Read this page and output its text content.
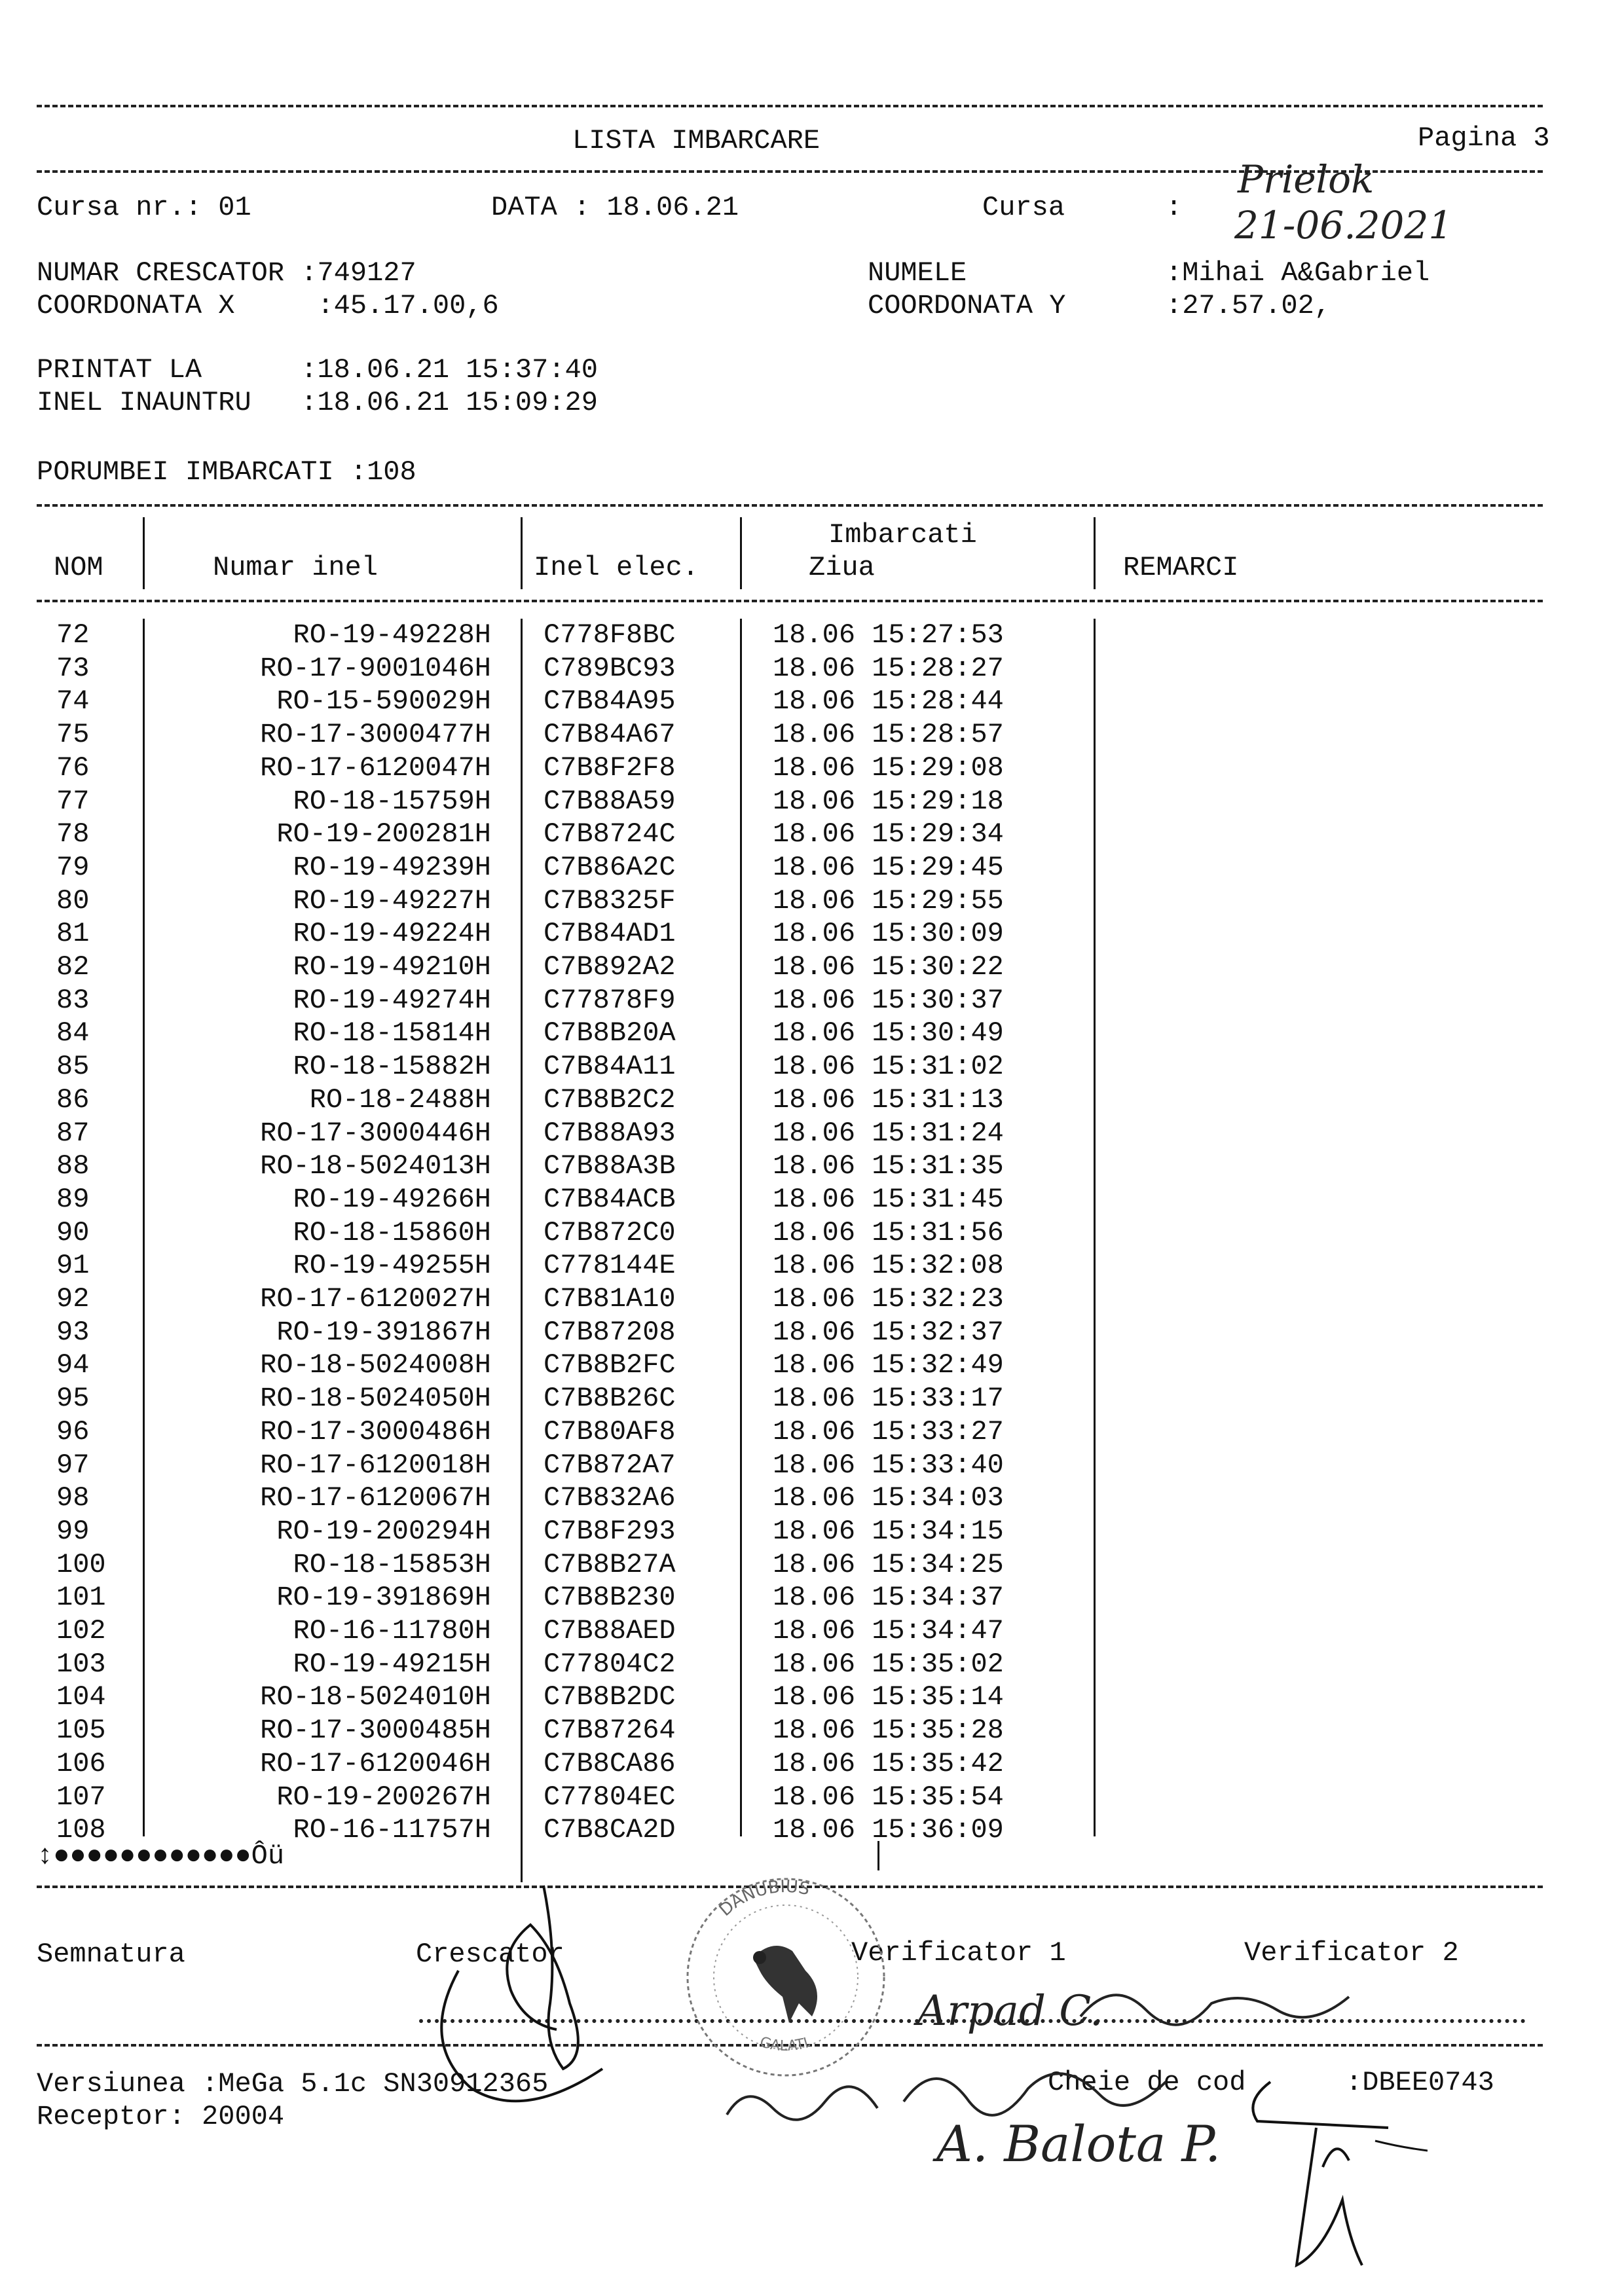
LISTA IMBARCARE	Pagina 3
Cursa nr.: 01	DATA : 18.06.21	Cursa	:
Prielok
21-06.2021
NUMAR CRESCATOR :749127
COORDONATA X     :45.17.00,6
NUMELE	:Mihai A&Gabriel
COORDONATA Y	:27.57.02,
PRINTAT LA      :18.06.21 15:37:40
INEL INAUNTRU   :18.06.21 15:09:29
PORUMBEI IMBARCATI :108
NOM	Numar inel	Inel elec.
Imbarcati
Ziua	REMARCI
72	RO-19-49228H C778F8BC	18.06 15:27:53
73	RO-17-9001046H C789BC93	18.06 15:28:27
74	RO-15-590029H C7B84A95	18.06 15:28:44
75	RO-17-3000477H C7B84A67	18.06 15:28:57
76	RO-17-6120047H C7B8F2F8	18.06 15:29:08
77	RO-18-15759H C7B88A59	18.06 15:29:18
78	RO-19-200281H C7B8724C	18.06 15:29:34
79	RO-19-49239H C7B86A2C	18.06 15:29:45
80	RO-19-49227H C7B8325F	18.06 15:29:55
81	RO-19-49224H C7B84AD1	18.06 15:30:09
82	RO-19-49210H C7B892A2	18.06 15:30:22
83	RO-19-49274H C77878F9	18.06 15:30:37
84	RO-18-15814H C7B8B20A	18.06 15:30:49
85	RO-18-15882H C7B84A11	18.06 15:31:02
86	RO-18-2488H C7B8B2C2	18.06 15:31:13
87	RO-17-3000446H C7B88A93	18.06 15:31:24
88	RO-18-5024013H C7B88A3B	18.06 15:31:35
89	RO-19-49266H C7B84ACB	18.06 15:31:45
90	RO-18-15860H C7B872C0	18.06 15:31:56
91	RO-19-49255H C778144E	18.06 15:32:08
92	RO-17-6120027H C7B81A10	18.06 15:32:23
93	RO-19-391867H C7B87208	18.06 15:32:37
94	RO-18-5024008H C7B8B2FC	18.06 15:32:49
95	RO-18-5024050H C7B8B26C	18.06 15:33:17
96	RO-17-3000486H C7B80AF8	18.06 15:33:27
97	RO-17-6120018H C7B872A7	18.06 15:33:40
98	RO-17-6120067H C7B832A6	18.06 15:34:03
99	RO-19-200294H C7B8F293	18.06 15:34:15
100	RO-18-15853H C7B8B27A	18.06 15:34:25
101	RO-19-391869H C7B8B230	18.06 15:34:37
102	RO-16-11780H C7B88AED	18.06 15:34:47
103	RO-19-49215H C77804C2	18.06 15:35:02
104	RO-18-5024010H C7B8B2DC	18.06 15:35:14
105	RO-17-3000485H C7B87264	18.06 15:35:28
106	RO-17-6120046H C7B8CA86	18.06 15:35:42
107	RO-19-200267H C77804EC	18.06 15:35:54
108	RO-16-11757H C7B8CA2D	18.06 15:36:09
↕●●●●●●●●●●●●Ôü
Semnatura	Crescator	Verificator 1	Verificator 2
Versiunea :MeGa 5.1c SN30912365	Cheie de cod	:DBEE0743
Receptor: 20004
DANUBIUS
GALATI
Arpad C.
A. Balota P.
